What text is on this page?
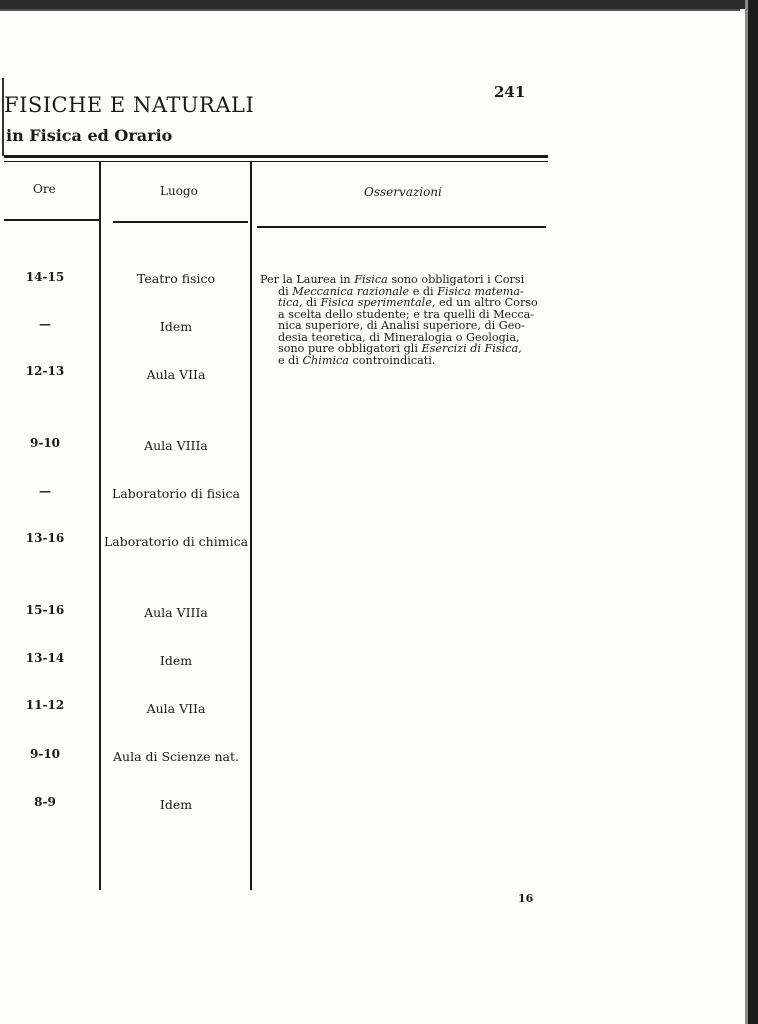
241
FISICHE E NATURALI
in Fisica ed Orario
Ore	Luogo	Osservazioni
14-15	Teatro fisico
—	Idem
12-13	Aula VIIa
9-10	Aula VIIIa
—	Laboratorio di fisica
13-16	Laboratorio di chimica
15-16	Aula VIIIa
13-14	Idem
11-12	Aula VIIa
9-10	Aula di Scienze nat.
8-9	Idem
Per la Laurea in Fisica sono obbligatori i Corsi
di Meccanica razionale e di Fisica matema-
tica, di Fisica sperimentale, ed un altro Corso
a scelta dello studente; e tra quelli di Mecca-
nica superiore, di Analisi superiore, di Geo-
desia teoretica, di Mineralogia o Geologia,
sono pure obbligatori gli Esercizi di Fisica,
e di Chimica controindicati.
16
